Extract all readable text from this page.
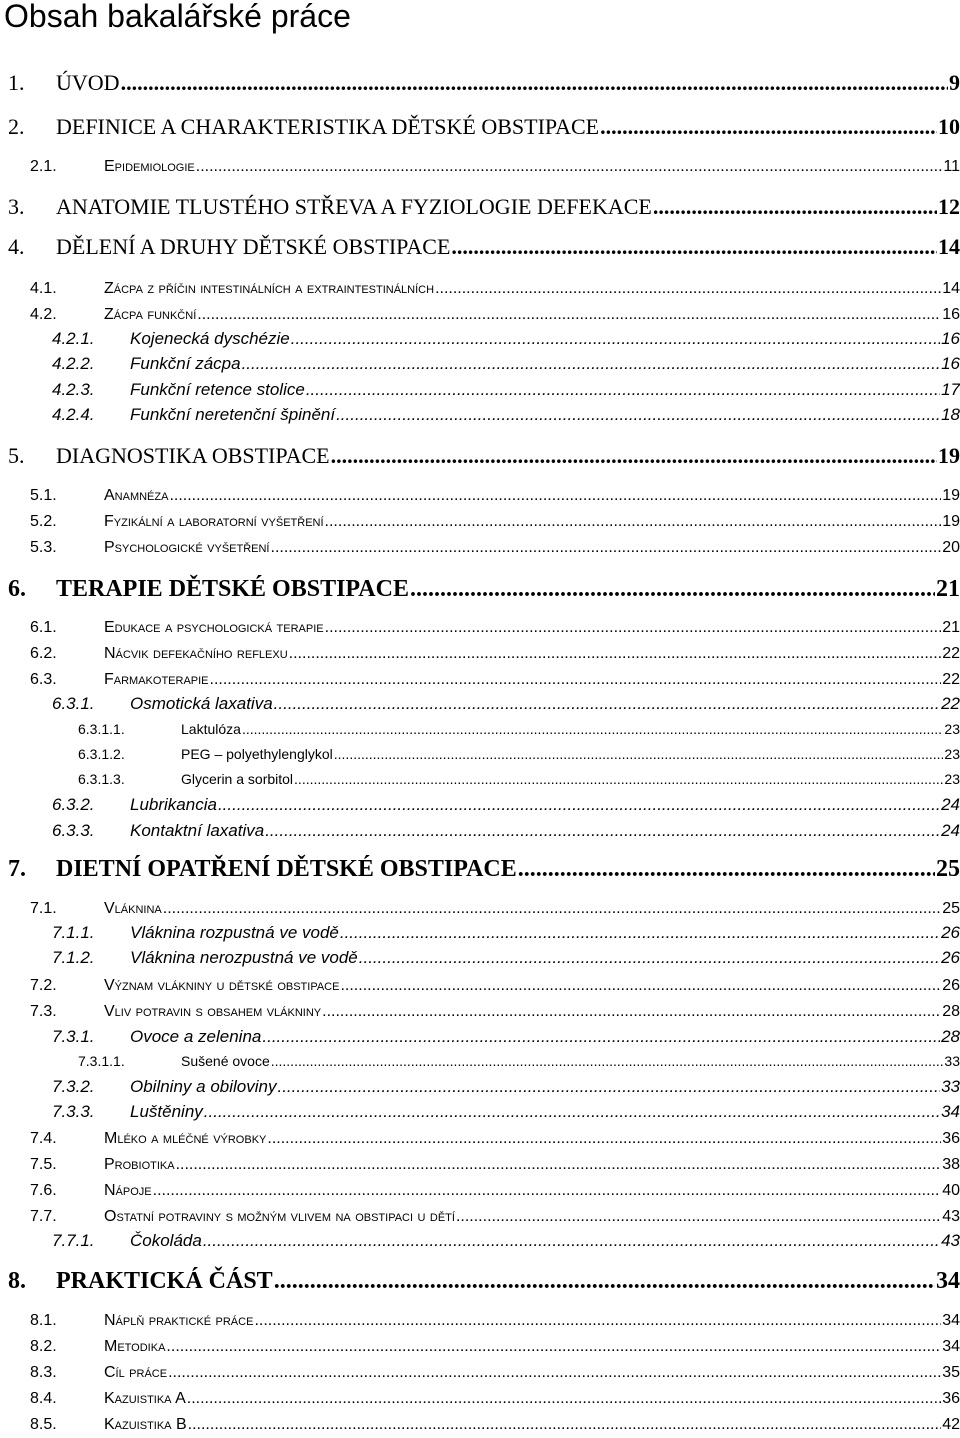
Obsah bakalářské práce
1.	ÚVOD .....	9
2.	DEFINICE A CHARAKTERISTIKA DĚTSKÉ OBSTIPACE .....	10
2.1.	Epidemiologie .....	11
3.	ANATOMIE TLUSTÉHO STŘEVA A FYZIOLOGIE DEFEKACE .....	12
4.	DĚLENÍ A DRUHY DĚTSKÉ OBSTIPACE .....	14
4.1.	Zácpa z příčin intestinálních a extraintestinálních .....	14
4.2.	Zácpa funkční .....	16
4.2.1.	Kojenecká dyschézie .....	16
4.2.2.	Funkční zácpa .....	16
4.2.3.	Funkční retence stolice .....	17
4.2.4.	Funkční neretenční špinění .....	18
5.	DIAGNOSTIKA OBSTIPACE .....	19
5.1.	Anamnéza .....	19
5.2.	Fyzikální a laboratorní vyšetření .....	19
5.3.	Psychologické vyšetření .....	20
6.	TERAPIE DĚTSKÉ OBSTIPACE .....	21
6.1.	Edukace a psychologická terapie .....	21
6.2.	Nácvik defekačního reflexu .....	22
6.3.	Farmakoterapie .....	22
6.3.1.	Osmotická laxativa .....	22
6.3.1.1.	Laktulóza .....	23
6.3.1.2.	PEG – polyethylenglykol .....	23
6.3.1.3.	Glycerin a sorbitol .....	23
6.3.2.	Lubrikancia .....	24
6.3.3.	Kontaktní laxativa .....	24
7.	DIETNÍ OPATŘENÍ DĚTSKÉ OBSTIPACE .....	25
7.1.	Vláknina .....	25
7.1.1.	Vláknina rozpustná ve vodě .....	26
7.1.2.	Vláknina nerozpustná ve vodě .....	26
7.2.	Význam vlákniny u dětské obstipace .....	26
7.3.	Vliv potravin s obsahem vlákniny .....	28
7.3.1.	Ovoce a zelenina .....	28
7.3.1.1.	Sušené ovoce .....	33
7.3.2.	Obilniny a obiloviny .....	33
7.3.3.	Luštěniny .....	34
7.4.	Mléko a mléčné výrobky .....	36
7.5.	Probiotika .....	38
7.6.	Nápoje .....	40
7.7.	Ostatní potraviny s možným vlivem na obstipaci u dětí .....	43
7.7.1.	Čokoláda .....	43
8.	PRAKTICKÁ ČÁST .....	34
8.1.	Náplň praktické práce .....	34
8.2.	Metodika .....	34
8.3.	Cíl práce .....	35
8.4.	Kazuistika A .....	36
8.5.	Kazuistika B .....	42
